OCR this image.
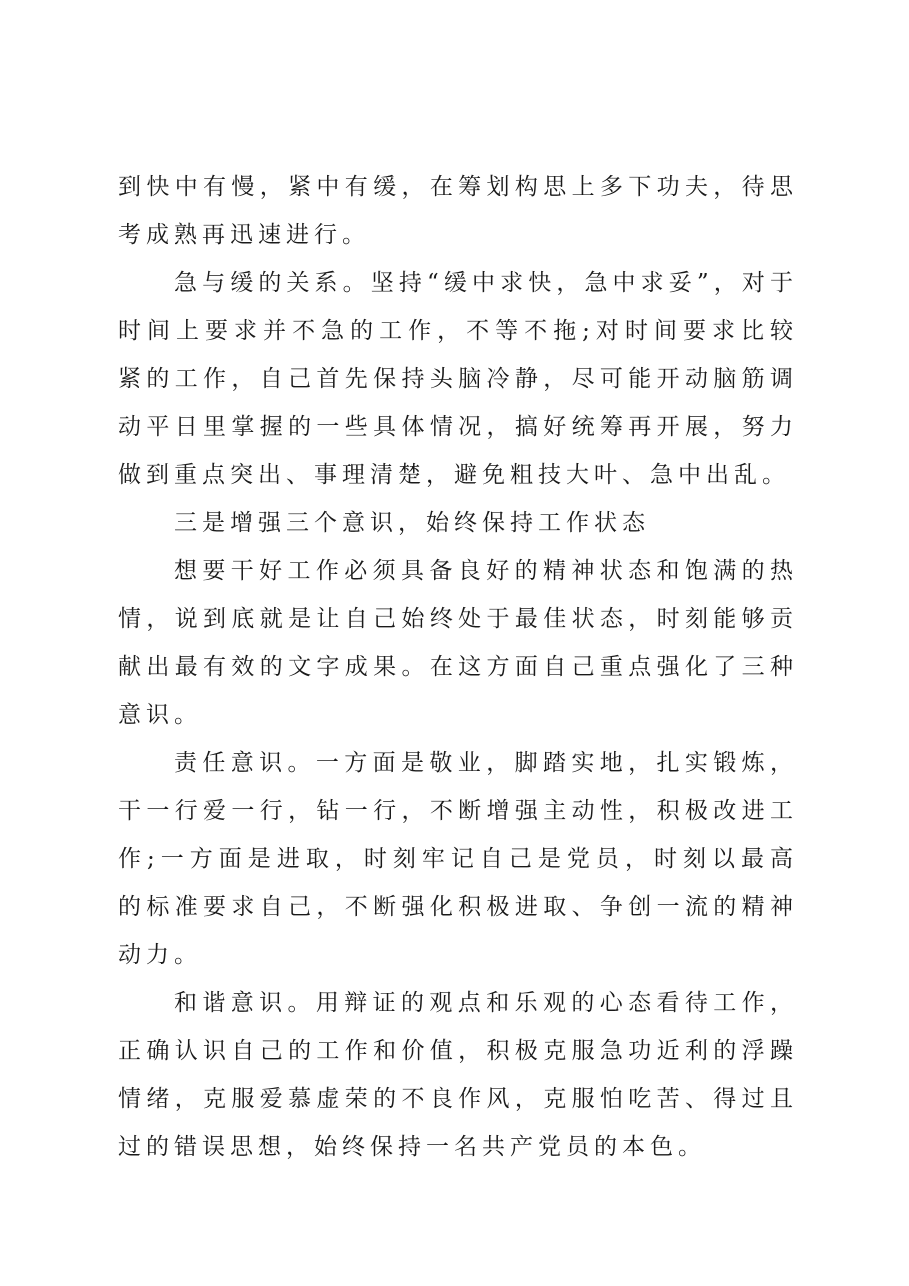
到快中有慢，紧中有缓，在筹划构思上多下功夫，待思考成熟再迅速进行。

急与缓的关系。坚持“缓中求快，急中求妥”，对于时间上要求并不急的工作，不等不拖;对时间要求比较紧的工作，自己首先保持头脑冷静，尽可能开动脑筋调动平日里掌握的一些具体情况，搞好统筹再开展，努力做到重点突出、事理清楚，避免粗技大叶、急中出乱。

三是增强三个意识，始终保持工作状态

想要干好工作必须具备良好的精神状态和饱满的热情，说到底就是让自己始终处于最佳状态，时刻能够贡献出最有效的文字成果。在这方面自己重点强化了三种意识。

责任意识。一方面是敬业，脚踏实地，扎实锻炼，干一行爱一行，钻一行，不断增强主动性，积极改进工作;一方面是进取，时刻牢记自己是党员，时刻以最高的标准要求自己，不断强化积极进取、争创一流的精神动力。

和谐意识。用辩证的观点和乐观的心态看待工作，正确认识自己的工作和价值，积极克服急功近利的浮躁情绪，克服爱慕虚荣的不良作风，克服怕吃苦、得过且过的错误思想，始终保持一名共产党员的本色。
